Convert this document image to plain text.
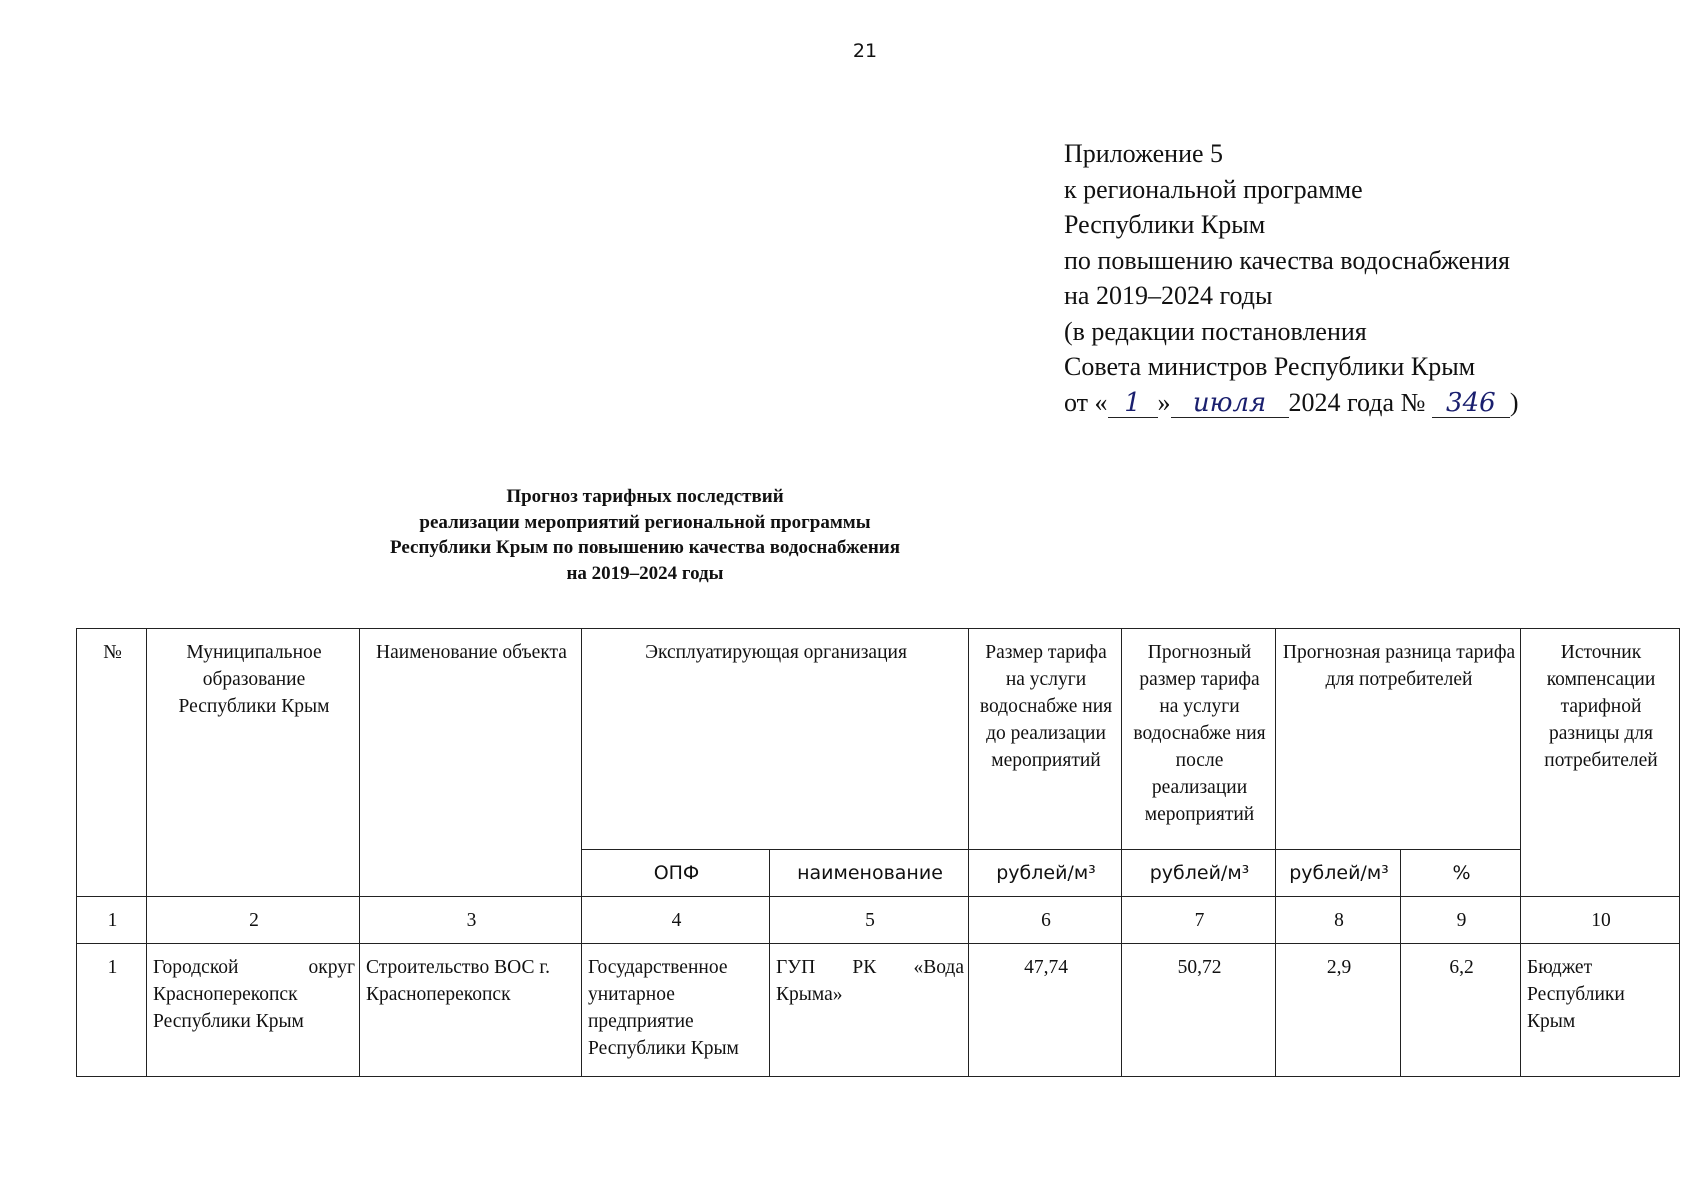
21
Приложение 5
к региональной программе
Республики Крым
по повышению качества водоснабжения
на 2019–2024 годы
(в редакции постановления
Совета министров Республики Крым
от « 1 » июля 2024 года № 346 )
Прогноз тарифных последствий
реализации мероприятий региональной программы
Республики Крым по повышению качества водоснабжения
на 2019–2024 годы
№	Муниципальное образование Республики Крым	Наименование объекта	Эксплуатирующая организация		Размер тарифа на услуги водоснабже ния до реализации мероприятий	Прогнозный размер тарифа на услуги водоснабже ния после реализации мероприятий	Прогнозная разница тарифа для потребителей		Источник компенсации тарифной разницы для потребителей
			ОПФ	наименование	рублей/м³	рублей/м³	рублей/м³	%	
1	2	3	4	5	6	7	8	9	10
1	Городской округ Красноперекопск Республики Крым	Строительство ВОС г. Красноперекопск	Государственное унитарное предприятие Республики Крым	ГУП РК «Вода Крыма»	47,74	50,72	2,9	6,2	Бюджет Республики Крым
